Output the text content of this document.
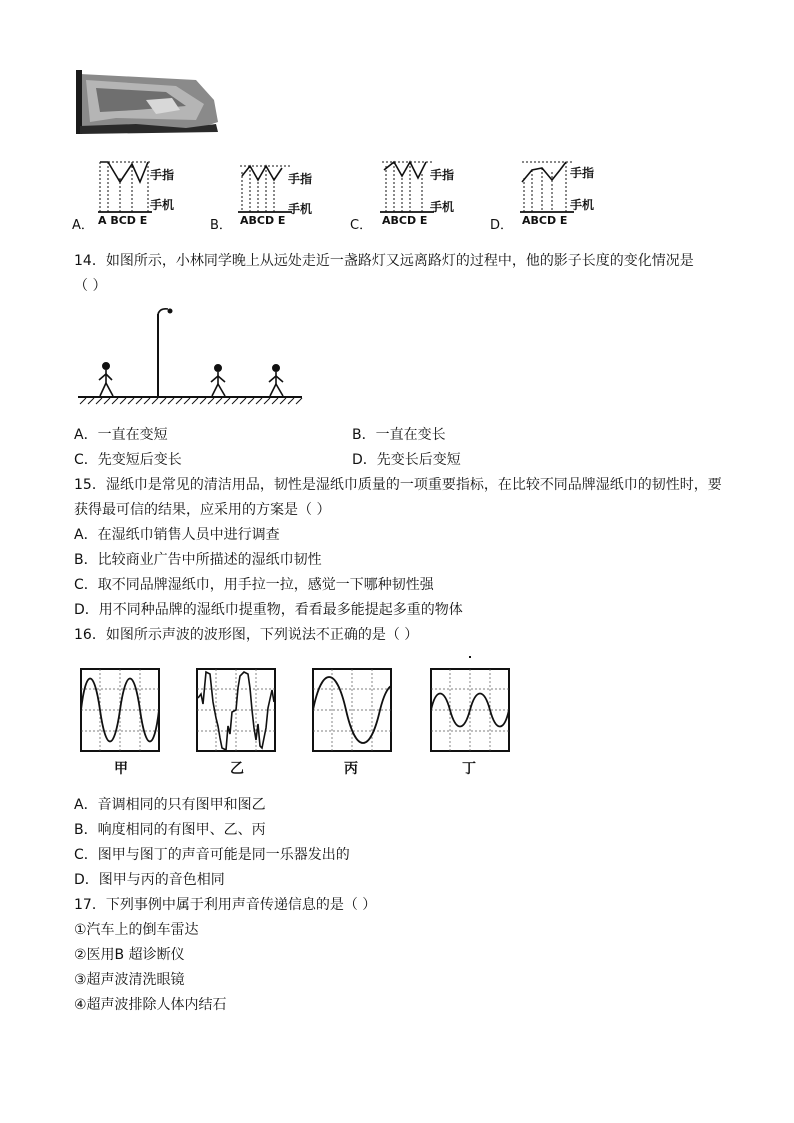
A．
手指
手机
A BCD E	B．
手指
手机
ABCD E	C．
手指
手机
ABCD E	D．
手指
手机
ABCD E
14．如图所示，小林同学晚上从远处走近一盏路灯又远离路灯的过程中，他的影子长度的变化情况是
（ ）
A．一直在变短	B．一直在变长
C．先变短后变长	D．先变长后变短
15．湿纸巾是常见的清洁用品，韧性是湿纸巾质量的一项重要指标，在比较不同品牌湿纸巾的韧性时，要
获得最可信的结果，应采用的方案是（ ）
A．在湿纸巾销售人员中进行调查
B．比较商业广告中所描述的湿纸巾韧性
C．取不同品牌湿纸巾，用手拉一拉，感觉一下哪种韧性强
D．用不同种品牌的湿纸巾提重物，看看最多能提起多重的物体
16．如图所示声波的波形图，下列说法不正确的是（ ）
甲	乙	丙	丁
A．音调相同的只有图甲和图乙
B．响度相同的有图甲、乙、丙
C．图甲与图丁的声音可能是同一乐器发出的
D．图甲与丙的音色相同
17．下列事例中属于利用声音传递信息的是（ ）
①汽车上的倒车雷达
②医用B 超诊断仪
③超声波清洗眼镜
④超声波排除人体内结石
